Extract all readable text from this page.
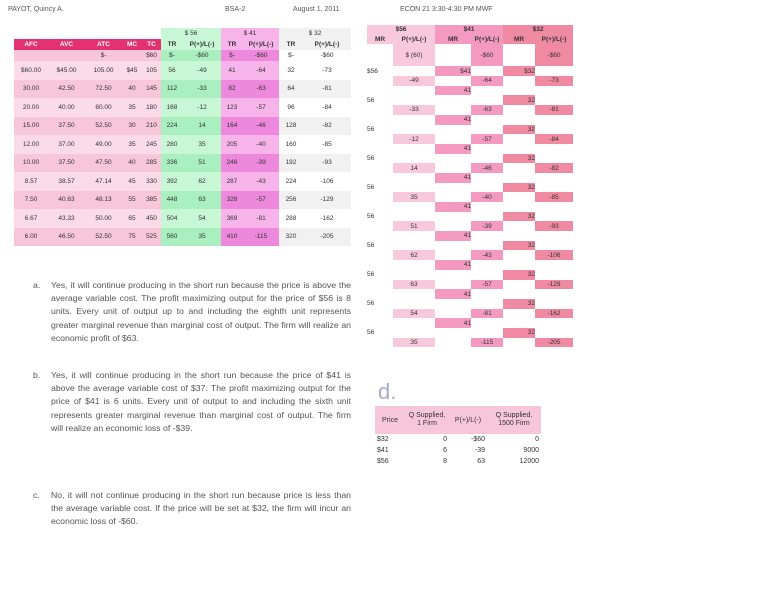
PAYOT, Quincy A.	BSA-2	August 1, 2011	ECON 21 3:30-4:30 PM MWF
					$ 56		$ 41		$ 32	
AFC	AVC	ATC	MC	TC	TR	P(+)/L(-)	TR	P(+)/L(-)	TR	P(+)/L(-)
		$-		$60	$-	-$60	$-	-$60	$-	-$60
$60.00	$45.00	105.00	$45	105	56	-49	41	-64	32	-73
30.00	42.50	72.50	40	145	112	-33	82	-63	64	-81
20.00	40.00	60.00	35	180	168	-12	123	-57	96	-84
15.00	37.50	52.50	30	210	224	14	164	-46	128	-82
12.00	37.00	49.00	35	245	280	35	205	-40	160	-85
10.00	37.50	47.50	40	285	336	51	246	-39	192	-93
8.57	38.57	47.14	45	330	392	62	287	-43	224	-106
7.50	40.63	48.13	55	385	448	63	328	-57	256	-129
6.67	43.33	50.00	65	450	504	54	369	-81	288	-162
6.00	46.50	52.50	75	525	560	35	410	-115	320	-205
$56		$41		$32	
MR	P(+)/L(-)	MR	P(+)/L(-)	MR	P(+)/L(-)
	$ (60)		-$60		-$60
$56		$41		$32	
	-49		-64		-73
		41			
56				32	
	-33		-63		-81
		41			
56				32	
	-12		-57		-84
		41			
56				32	
	14		-46		-82
		41			
56				32	
	35		-40		-85
		41			
56				32	
	51		-39		-93
		41			
56				32	
	62		-43		-106
		41			
56				32	
	63		-57		-129
		41			
56				32	
	54		-81		-162
		41			
56				32	
	35		-115		-205
a. Yes, it will continue producing in the short run because the price is above the average variable cost. The profit maximizing output for the price of $56 is 8 units. Every unit of output up to and including the eighth unit represents greater marginal revenue than marginal cost of output. The firm will realize an economic profit of $63.
b. Yes, it will continue producing in the short run because the price of $41 is above the average variable cost of $37. The profit maximizing output for the price of $41 is 6 units. Every unit of output to and including the sixth unit represents greater marginal revenue than marginal cost of output. The firm will realize an economic loss of -$39.
c. No, it will not continue producing in the short run because price is less than the average variable cost. If the price will be set at $32, the firm will incur an economic loss of -$60.
d.
Price	Q Supplied, 1 Firm	P(+)/L(-)	Q Supplied, 1500 Firm
$32	0	-$60	0
$41	6	-39	9000
$56	8	63	12000
